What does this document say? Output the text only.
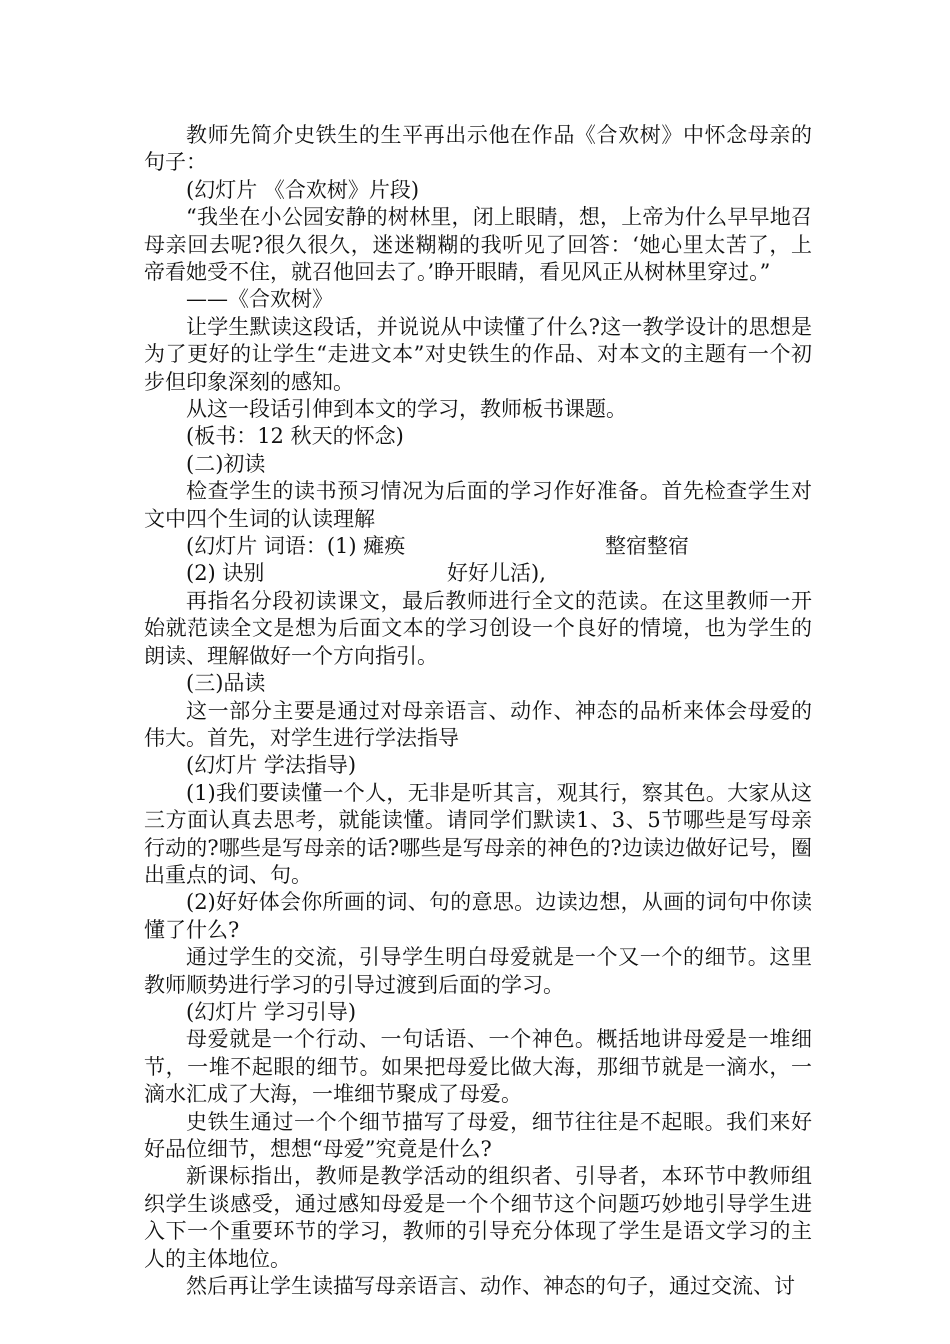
教师先简介史铁生的生平再出示他在作品《合欢树》中怀念母亲的句子：

(幻灯片 《合欢树》片段)

“我坐在小公园安静的树林里，闭上眼睛，想，上帝为什么早早地召母亲回去呢?很久很久，迷迷糊糊的我听见了回答：‘她心里太苦了，上帝看她受不住，就召他回去了。’睁开眼睛，看见风正从树林里穿过。”

——《合欢树》

让学生默读这段话，并说说从中读懂了什么?这一教学设计的思想是为了更好的让学生“走进文本”对史铁生的作品、对本文的主题有一个初步但印象深刻的感知。

从这一段话引伸到本文的学习，教师板书课题。

(板书：12 秋天的怀念)

(二)初读

检查学生的读书预习情况为后面的学习作好准备。首先检查学生对文中四个生词的认读理解

(幻灯片 词语：(1) 瘫痪	整宿整宿
(2) 诀别	好好儿活),

再指名分段初读课文，最后教师进行全文的范读。在这里教师一开始就范读全文是想为后面文本的学习创设一个良好的情境，也为学生的朗读、理解做好一个方向指引。

(三)品读

这一部分主要是通过对母亲语言、动作、神态的品析来体会母爱的伟大。首先，对学生进行学法指导

(幻灯片 学法指导)

(1)我们要读懂一个人，无非是听其言，观其行，察其色。大家从这三方面认真去思考，就能读懂。请同学们默读1、3、5节哪些是写母亲行动的?哪些是写母亲的话?哪些是写母亲的神色的?边读边做好记号，圈出重点的词、句。

(2)好好体会你所画的词、句的意思。边读边想，从画的词句中你读懂了什么?

通过学生的交流，引导学生明白母爱就是一个又一个的细节。这里教师顺势进行学习的引导过渡到后面的学习。

(幻灯片 学习引导)

母爱就是一个行动、一句话语、一个神色。概括地讲母爱是一堆细节，一堆不起眼的细节。如果把母爱比做大海，那细节就是一滴水，一滴水汇成了大海，一堆细节聚成了母爱。

史铁生通过一个个细节描写了母爱，细节往往是不起眼。我们来好好品位细节，想想“母爱”究竟是什么?

新课标指出，教师是教学活动的组织者、引导者，本环节中教师组织学生谈感受，通过感知母爱是一个个细节这个问题巧妙地引导学生进入下一个重要环节的学习，教师的引导充分体现了学生是语文学习的主人的主体地位。

然后再让学生读描写母亲语言、动作、神态的句子，通过交流、讨
